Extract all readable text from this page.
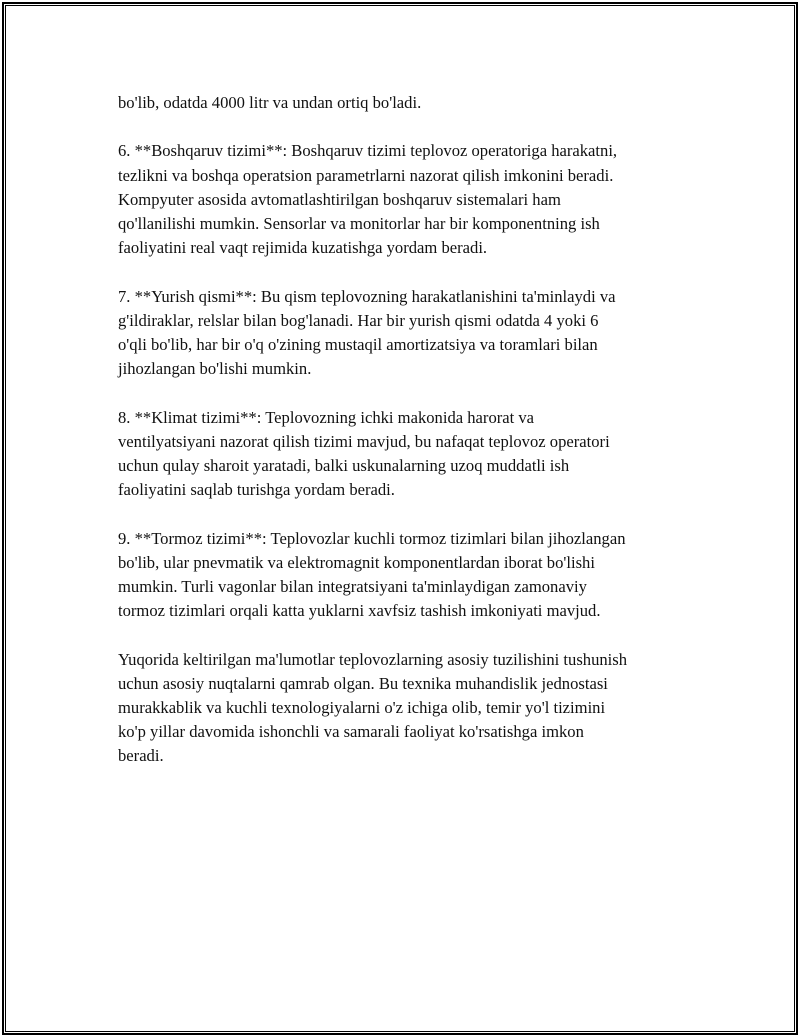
bo'lib, odatda 4000 litr va undan ortiq bo'ladi.

6. **Boshqaruv tizimi**: Boshqaruv tizimi teplovoz operatoriga harakatni,
tezlikni va boshqa operatsion parametrlarni nazorat qilish imkonini beradi.
Kompyuter asosida avtomatlashtirilgan boshqaruv sistemalari ham
qo'llanilishi mumkin. Sensorlar va monitorlar har bir komponentning ish
faoliyatini real vaqt rejimida kuzatishga yordam beradi.

7. **Yurish qismi**: Bu qism teplovozning harakatlanishini ta'minlaydi va
g'ildiraklar, relslar bilan bog'lanadi. Har bir yurish qismi odatda 4 yoki 6
o'qli bo'lib, har bir o'q o'zining mustaqil amortizatsiya va toramlari bilan
jihozlangan bo'lishi mumkin.

8. **Klimat tizimi**: Teplovozning ichki makonida harorat va
ventilyatsiyani nazorat qilish tizimi mavjud, bu nafaqat teplovoz operatori
uchun qulay sharoit yaratadi, balki uskunalarning uzoq muddatli ish
faoliyatini saqlab turishga yordam beradi.

9. **Tormoz tizimi**: Teplovozlar kuchli tormoz tizimlari bilan jihozlangan
bo'lib, ular pnevmatik va elektromagnit komponentlardan iborat bo'lishi
mumkin. Turli vagonlar bilan integratsiyani ta'minlaydigan zamonaviy
tormoz tizimlari orqali katta yuklarni xavfsiz tashish imkoniyati mavjud.

Yuqorida keltirilgan ma'lumotlar teplovozlarning asosiy tuzilishini tushunish
uchun asosiy nuqtalarni qamrab olgan. Bu texnika muhandislik jednostasi
murakkablik va kuchli texnologiyalarni o'z ichiga olib, temir yo'l tizimini
ko'p yillar davomida ishonchli va samarali faoliyat ko'rsatishga imkon
beradi.
